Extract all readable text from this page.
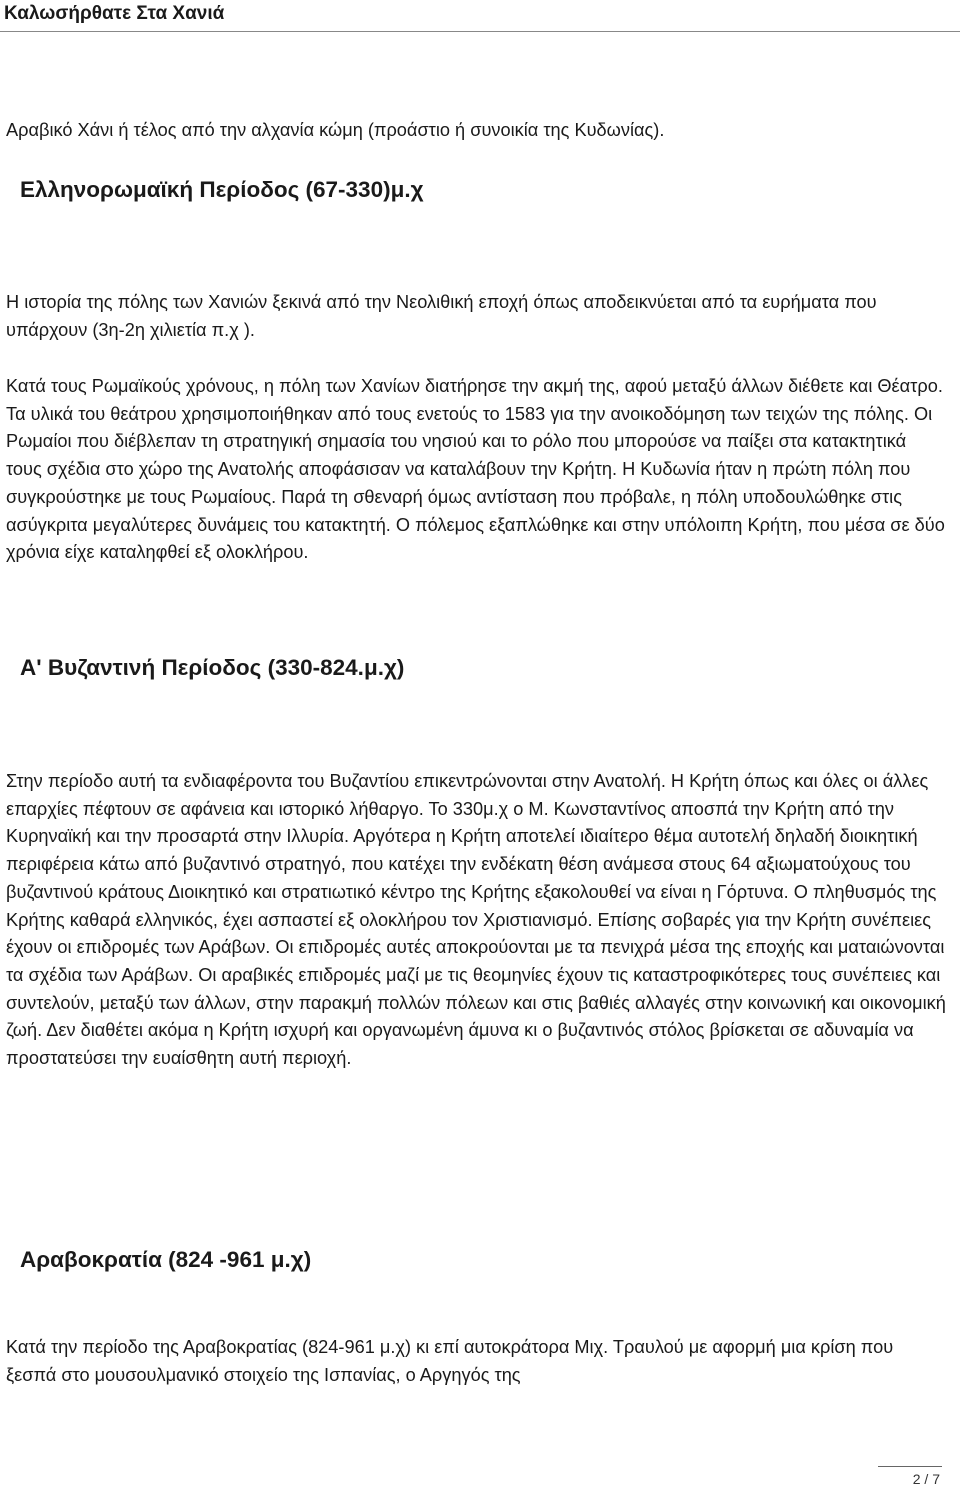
Καλωσήρθατε Στα Χανιά

Αραβικό Χάνι ή τέλος από την αλχανία κώμη (προάστιο ή συνοικία της Κυδωνίας).

Ελληνορωμαϊκή Περίοδος (67-330)μ.χ

Η ιστορία της πόλης των Χανιών ξεκινά από την Νεολιθική εποχή όπως αποδεικνύεται από τα ευρήματα που υπάρχουν (3η-2η χιλιετία π.χ ).

Κατά τους Ρωμαϊκούς χρόνους, η πόλη των Χανίων διατήρησε την ακμή της, αφού μεταξύ άλλων διέθετε και Θέατρο. Τα υλικά του θεάτρου χρησιμοποιήθηκαν από τους ενετούς το 1583 για την ανοικοδόμηση των τειχών της πόλης. Οι Ρωμαίοι που διέβλεπαν τη στρατηγική σημασία του νησιού και το ρόλο που μπορούσε να παίξει στα κατακτητικά τους σχέδια στο χώρο της Ανατολής αποφάσισαν να καταλάβουν την Κρήτη. Η Κυδωνία ήταν η πρώτη πόλη που συγκρούστηκε με τους Ρωμαίους. Παρά τη σθεναρή όμως αντίσταση που πρόβαλε, η πόλη υποδουλώθηκε στις ασύγκριτα μεγαλύτερες δυνάμεις του κατακτητή. Ο πόλεμος εξαπλώθηκε και στην υπόλοιπη Κρήτη, που μέσα σε δύο χρόνια είχε καταληφθεί εξ ολοκλήρου.

Α' Βυζαντινή Περίοδος (330-824.μ.χ)

Στην περίοδο αυτή τα ενδιαφέροντα του Βυζαντίου επικεντρώνονται στην Ανατολή. Η Κρήτη όπως και όλες οι άλλες επαρχίες πέφτουν σε αφάνεια και ιστορικό λήθαργο. Το 330μ.χ ο Μ. Κωνσταντίνος αποσπά την Κρήτη από την Κυρηναϊκή και την προσαρτά στην Ιλλυρία. Αργότερα η Κρήτη αποτελεί ιδιαίτερο θέμα αυτοτελή δηλαδή διοικητική περιφέρεια κάτω από βυζαντινό στρατηγό, που κατέχει την ενδέκατη θέση ανάμεσα στους 64 αξιωματούχους του βυζαντινού κράτους Διοικητικό και στρατιωτικό κέντρο της Κρήτης εξακολουθεί να είναι η Γόρτυνα. Ο πληθυσμός της Κρήτης καθαρά ελληνικός, έχει ασπαστεί εξ ολοκλήρου τον Χριστιανισμό. Επίσης σοβαρές για την Κρήτη συνέπειες έχουν οι επιδρομές των Αράβων. Οι επιδρομές αυτές αποκρούονται με τα πενιχρά μέσα της εποχής και ματαιώνονται τα σχέδια των Αράβων. Οι αραβικές επιδρομές μαζί με τις θεομηνίες έχουν τις καταστροφικότερες τους συνέπειες και συντελούν, μεταξύ των άλλων, στην παρακμή πολλών πόλεων και στις βαθιές αλλαγές στην κοινωνική και οικονομική ζωή. Δεν διαθέτει ακόμα η Κρήτη ισχυρή και οργανωμένη άμυνα κι ο βυζαντινός στόλος βρίσκεται σε αδυναμία να προστατεύσει την ευαίσθητη αυτή περιοχή.

Αραβοκρατία (824 -961 μ.χ)

Κατά την περίοδο της Αραβοκρατίας (824-961 μ.χ) κι επί αυτοκράτορα Μιχ. Τραυλού με αφορμή μια κρίση που ξεσπά στο μουσουλμανικό στοιχείο της Ισπανίας, ο Αργηγός της

2 / 7
